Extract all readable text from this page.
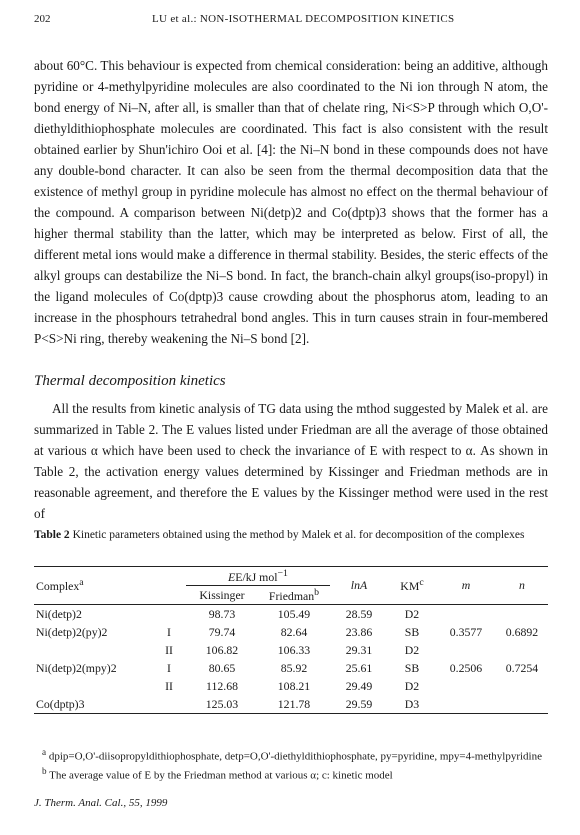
202	LU et al.: NON-ISOTHERMAL DECOMPOSITION KINETICS

about 60°C. This behaviour is expected from chemical consideration: being an additive, although pyridine or 4-methylpyridine molecules are also coordinated to the Ni ion through N atom, the bond energy of Ni–N, after all, is smaller than that of chelate ring, Ni<S>P through which O,O'-diethyldithiophosphate molecules are coordinated. This fact is also consistent with the result obtained earlier by Shun'ichiro Ooi et al. [4]: the Ni–N bond in these compounds does not have any double-bond character. It can also be seen from the thermal decomposition data that the existence of methyl group in pyridine molecule has almost no effect on the thermal behaviour of the compound. A comparison between Ni(detp)2 and Co(dptp)3 shows that the former has a higher thermal stability than the latter, which may be interpreted as below. First of all, the different metal ions would make a difference in thermal stability. Besides, the steric effects of the alkyl groups can destabilize the Ni–S bond. In fact, the branch-chain alkyl groups(iso-propyl) in the ligand molecules of Co(dptp)3 cause crowding about the phosphorus atom, leading to an increase in the phosphours tetrahedral bond angles. This in turn causes strain in four-membered P<S>Ni ring, thereby weakening the Ni–S bond [2].

Thermal decomposition kinetics

All the results from kinetic analysis of TG data using the mthod suggested by Malek et al. are summarized in Table 2. The E values listed under Friedman are all the average of those obtained at various α which have been used to check the invariance of E with respect to α. As shown in Table 2, the activation energy values determined by Kissinger and Friedman methods are in reasonable agreement, and therefore the E values by the Kissinger method were used in the rest of

Table 2 Kinetic parameters obtained using the method by Malek et al. for decomposition of the complexes
Complex$^a$		EE/kJ mol$^{-1}$		lnA	$KM^c$	m	n
		Kissinger	Friedman$^b$
Ni(detp)2		98.73	105.49	28.59	D2		
Ni(detp)2(py)2	I	79.74	82.64	23.86	SB	0.3577	0.6892
	II	106.82	106.33	29.31	D2		
Ni(detp)2(mpy)2	I	80.65	85.92	25.61	SB	0.2506	0.7254
	II	112.68	108.21	29.49	D2		
Co(dptp)3		125.03	121.78	29.59	D3		
$^a$ dpip=O,O'-diisopropyldithiophosphate, detp=O,O'-diethyldithiophosphate, py=pyridine, mpy=4-methylpyridine
$^b$ The average value of E by the Friedman method at various α; c: kinetic model
J. Therm. Anal. Cal., 55, 1999
